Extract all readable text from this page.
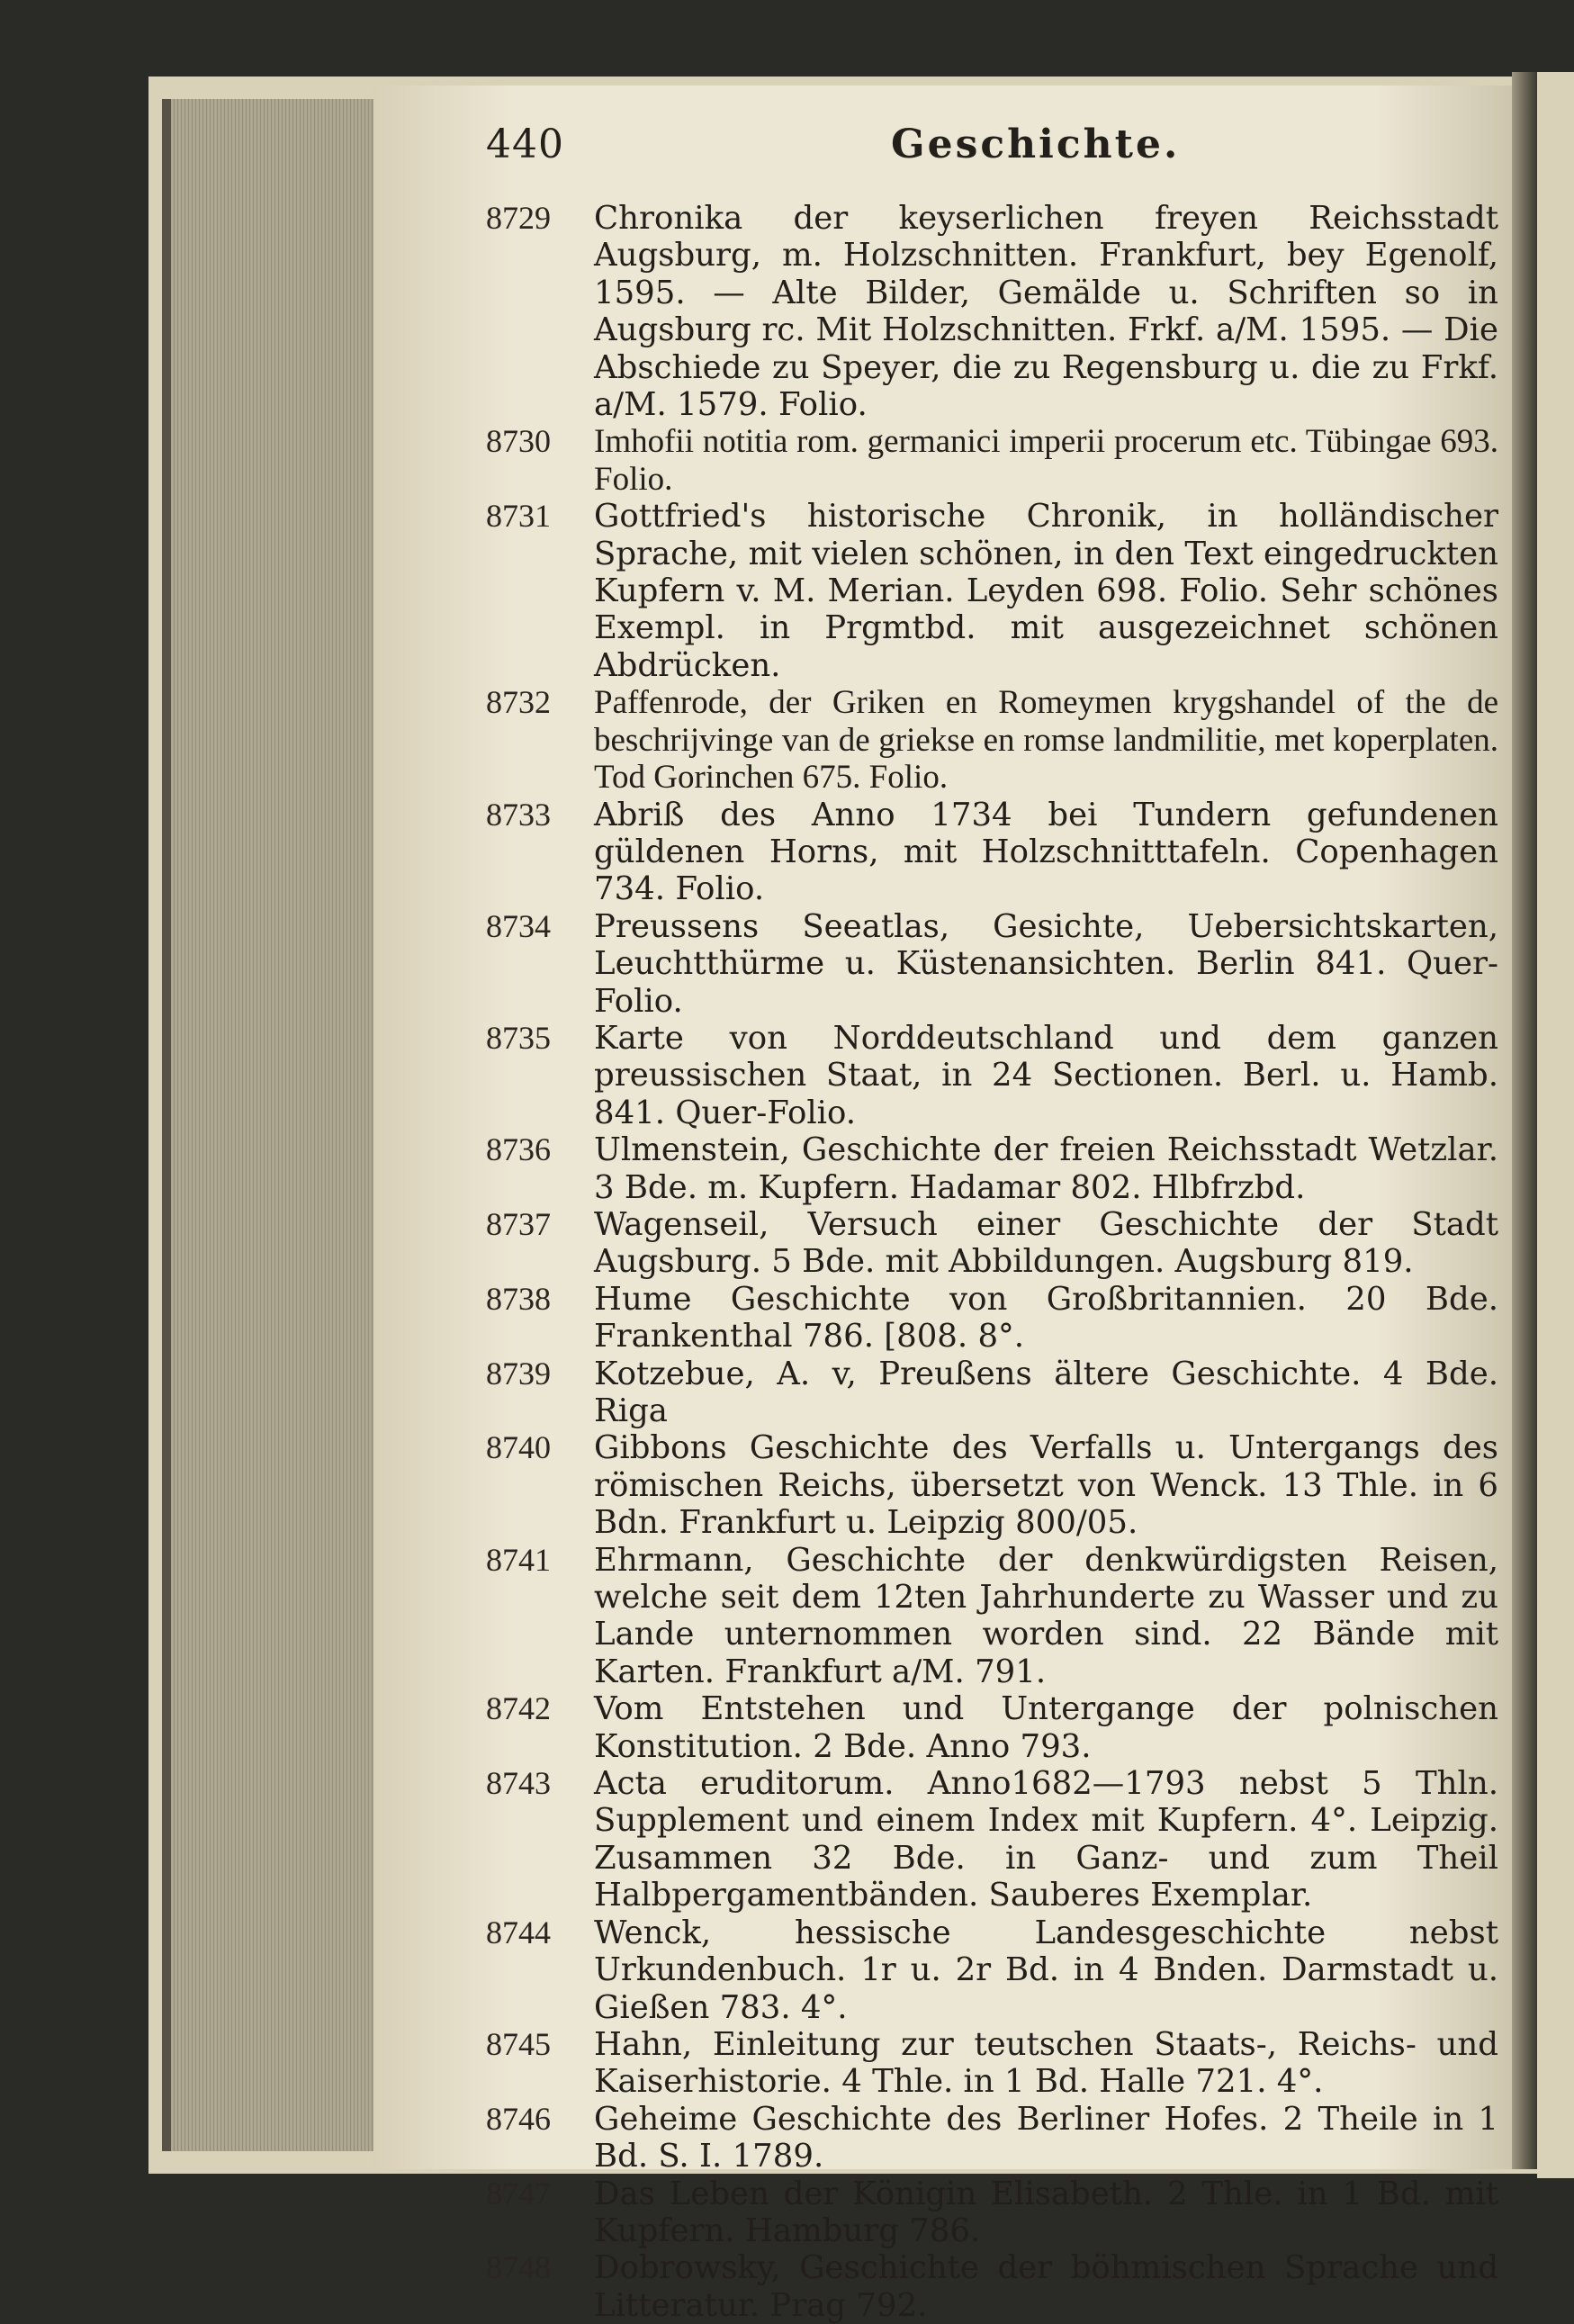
440	Geschichte.
8729	Chronika der keyserlichen freyen Reichsstadt Augsburg, m. Holzschnitten. Frankfurt, bey Egenolf, 1595. — Alte Bilder, Gemälde u. Schriften so in Augsburg rc. Mit Holzschnitten. Frkf. a/M. 1595. — Die Abschiede zu Speyer, die zu Regensburg u. die zu Frkf. a/M. 1579. Folio.
8730	Imhofii notitia rom. germanici imperii procerum etc. Tübingae 693. Folio.
8731	Gottfried's historische Chronik, in holländischer Sprache, mit vielen schönen, in den Text eingedruckten Kupfern v. M. Merian. Leyden 698. Folio. Sehr schönes Exempl. in Prgmtbd. mit ausgezeichnet schönen Abdrücken.
8732	Paffenrode, der Griken en Romeymen krygshandel of the de beschrijvinge van de griekse en romse landmilitie, met koperplaten. Tod Gorinchen 675. Folio.
8733	Abriß des Anno 1734 bei Tundern gefundenen güldenen Horns, mit Holzschnitttafeln. Copenhagen 734. Folio.
8734	Preussens Seeatlas, Gesichte, Uebersichtskarten, Leuchtthürme u. Küstenansichten. Berlin 841. Quer-Folio.
8735	Karte von Norddeutschland und dem ganzen preussischen Staat, in 24 Sectionen. Berl. u. Hamb. 841. Quer-Folio.
8736	Ulmenstein, Geschichte der freien Reichsstadt Wetzlar. 3 Bde. m. Kupfern. Hadamar 802. Hlbfrzbd.
8737	Wagenseil, Versuch einer Geschichte der Stadt Augsburg. 5 Bde. mit Abbildungen. Augsburg 819.
8738	Hume Geschichte von Großbritannien. 20 Bde. Frankenthal 786. [808. 8°.
8739	Kotzebue, A. v, Preußens ältere Geschichte. 4 Bde. Riga
8740	Gibbons Geschichte des Verfalls u. Untergangs des römischen Reichs, übersetzt von Wenck. 13 Thle. in 6 Bdn. Frankfurt u. Leipzig 800/05.
8741	Ehrmann, Geschichte der denkwürdigsten Reisen, welche seit dem 12ten Jahrhunderte zu Wasser und zu Lande unternommen worden sind. 22 Bände mit Karten. Frankfurt a/M. 791.
8742	Vom Entstehen und Untergange der polnischen Konstitution. 2 Bde. Anno 793.
8743	Acta eruditorum. Anno1682—1793 nebst 5 Thln. Supplement und einem Index mit Kupfern. 4°. Leipzig. Zusammen 32 Bde. in Ganz- und zum Theil Halbpergamentbänden. Sauberes Exemplar.
8744	Wenck, hessische Landesgeschichte nebst Urkundenbuch. 1r u. 2r Bd. in 4 Bnden. Darmstadt u. Gießen 783. 4°.
8745	Hahn, Einleitung zur teutschen Staats-, Reichs- und Kaiserhistorie. 4 Thle. in 1 Bd. Halle 721. 4°.
8746	Geheime Geschichte des Berliner Hofes. 2 Theile in 1 Bd. S. I. 1789.
8747	Das Leben der Königin Elisabeth. 2 Thle. in 1 Bd. mit Kupfern. Hamburg 786.
8748	Dobrowsky, Geschichte der böhmischen Sprache und Litteratur. Prag 792.
